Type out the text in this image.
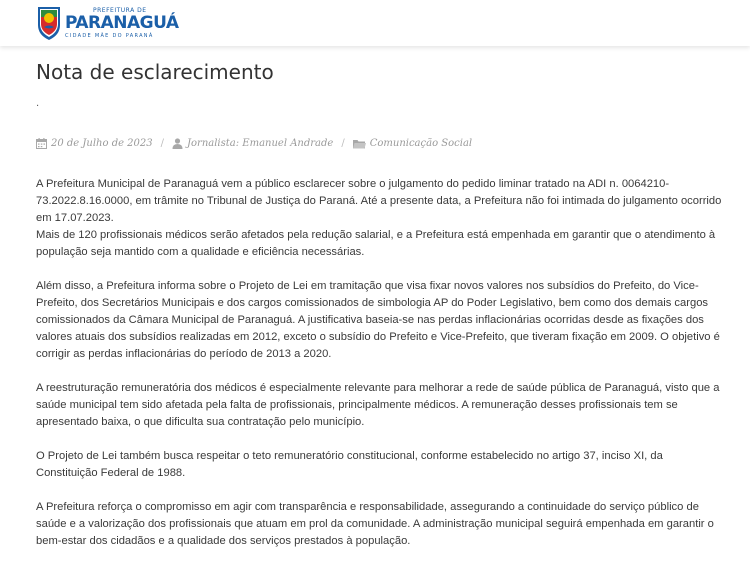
PREFEITURA DE
PARANAGUÁ
CIDADE MÃE DO PARANÁ
Nota de esclarecimento
.
20 de Julho de 2023 / Jornalista: Emanuel Andrade /	Comunicação Social

A Prefeitura Municipal de Paranaguá vem a público esclarecer sobre o julgamento do pedido liminar tratado na ADI n. 0064210-73.2022.8.16.0000, em trâmite no Tribunal de Justiça do Paraná. Até a presente data, a Prefeitura não foi intimada do julgamento ocorrido em 17.07.2023.

Mais de 120 profissionais médicos serão afetados pela redução salarial, e a Prefeitura está empenhada em garantir que o atendimento à população seja mantido com a qualidade e eficiência necessárias.

Além disso, a Prefeitura informa sobre o Projeto de Lei em tramitação que visa fixar novos valores nos subsídios do Prefeito, do Vice-Prefeito, dos Secretários Municipais e dos cargos comissionados de simbologia AP do Poder Legislativo, bem como dos demais cargos comissionados da Câmara Municipal de Paranaguá. A justificativa baseia-se nas perdas inflacionárias ocorridas desde as fixações dos valores atuais dos subsídios realizadas em 2012, exceto o subsídio do Prefeito e Vice-Prefeito, que tiveram fixação em 2009. O objetivo é corrigir as perdas inflacionárias do período de 2013 a 2020.

A reestruturação remuneratória dos médicos é especialmente relevante para melhorar a rede de saúde pública de Paranaguá, visto que a saúde municipal tem sido afetada pela falta de profissionais, principalmente médicos. A remuneração desses profissionais tem se apresentado baixa, o que dificulta sua contratação pelo município.

O Projeto de Lei também busca respeitar o teto remuneratório constitucional, conforme estabelecido no artigo 37, inciso XI, da Constituição Federal de 1988.

A Prefeitura reforça o compromisso em agir com transparência e responsabilidade, assegurando a continuidade do serviço público de saúde e a valorização dos profissionais que atuam em prol da comunidade. A administração municipal seguirá empenhada em garantir o bem-estar dos cidadãos e a qualidade dos serviços prestados à população.
